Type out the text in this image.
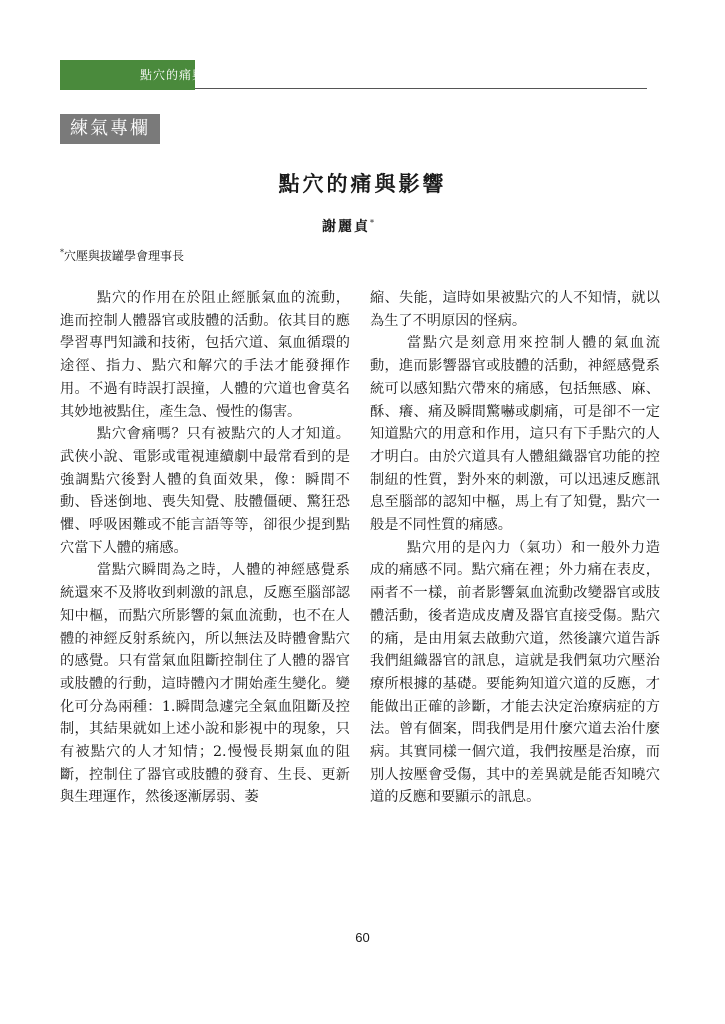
點穴的痛與影響
練氣專欄
點穴的痛與影響
謝麗貞*
*穴壓與拔罐學會理事長

點穴的作用在於阻止經脈氣血的流動，進而控制人體器官或肢體的活動。依其目的應學習專門知識和技術，包括穴道、氣血循環的途徑、指力、點穴和解穴的手法才能發揮作用。不過有時誤打誤撞，人體的穴道也會莫名其妙地被點住，產生急、慢性的傷害。

點穴會痛嗎？只有被點穴的人才知道。武俠小說、電影或電視連續劇中最常看到的是強調點穴後對人體的負面效果，像：瞬間不動、昏迷倒地、喪失知覺、肢體僵硬、驚狂恐懼、呼吸困難或不能言語等等，卻很少提到點穴當下人體的痛感。

當點穴瞬間為之時，人體的神經感覺系統還來不及將收到刺激的訊息，反應至腦部認知中樞，而點穴所影響的氣血流動，也不在人體的神經反射系統內，所以無法及時體會點穴的感覺。只有當氣血阻斷控制住了人體的器官或肢體的行動，這時體內才開始產生變化。變化可分為兩種：1.瞬間急遽完全氣血阻斷及控制，其結果就如上述小說和影視中的現象，只有被點穴的人才知情；2.慢慢長期氣血的阻斷，控制住了器官或肢體的發育、生長、更新與生理運作，然後逐漸孱弱、萎

縮、失能，這時如果被點穴的人不知情，就以為生了不明原因的怪病。

當點穴是刻意用來控制人體的氣血流動，進而影響器官或肢體的活動，神經感覺系統可以感知點穴帶來的痛感，包括無感、麻、酥、癢、痛及瞬間驚嚇或劇痛，可是卻不一定知道點穴的用意和作用，這只有下手點穴的人才明白。由於穴道具有人體組織器官功能的控制紐的性質，對外來的刺激，可以迅速反應訊息至腦部的認知中樞，馬上有了知覺，點穴一般是不同性質的痛感。

點穴用的是內力（氣功）和一般外力造成的痛感不同。點穴痛在裡；外力痛在表皮，兩者不一樣，前者影響氣血流動改變器官或肢體活動，後者造成皮膚及器官直接受傷。點穴的痛，是由用氣去啟動穴道，然後讓穴道告訴我們組織器官的訊息，這就是我們氣功穴壓治療所根據的基礎。要能夠知道穴道的反應，才能做出正確的診斷，才能去決定治療病症的方法。曾有個案，問我們是用什麼穴道去治什麼病。其實同樣一個穴道，我們按壓是治療，而別人按壓會受傷，其中的差異就是能否知曉穴道的反應和要顯示的訊息。

60
